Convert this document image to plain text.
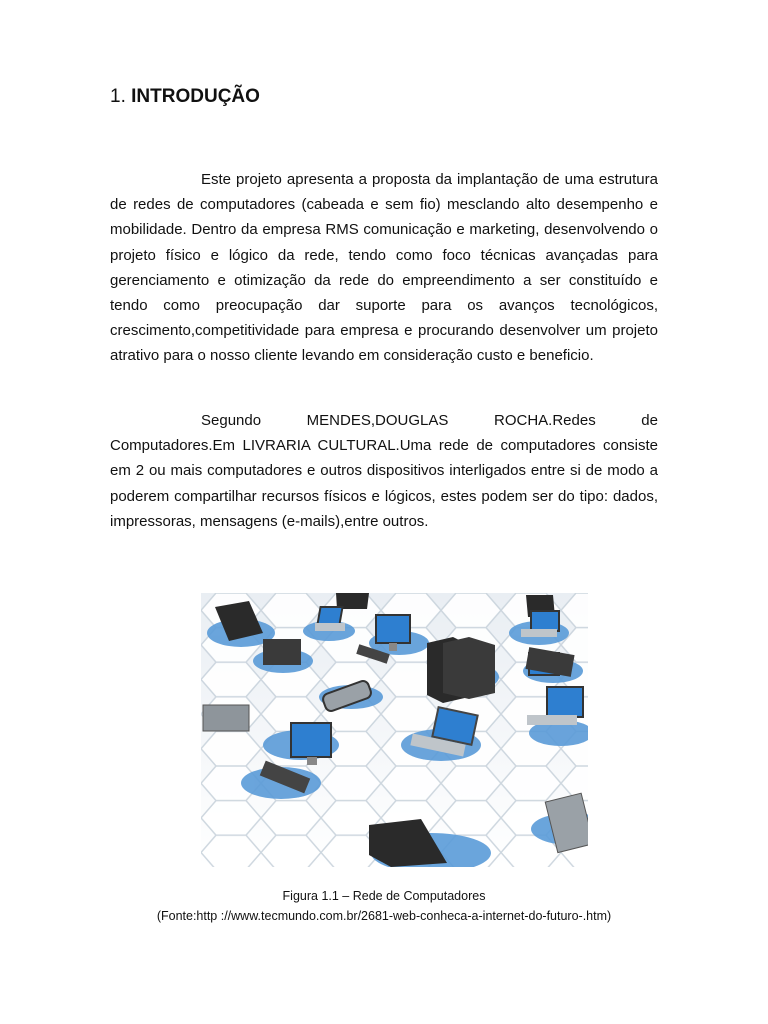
1. INTRODUÇÃO

Este projeto apresenta a proposta da implantação de uma estrutura de redes de computadores (cabeada e sem fio) mesclando alto desempenho e mobilidade. Dentro da empresa RMS comunicação e marketing, desenvolvendo o projeto físico e lógico da rede, tendo como foco técnicas avançadas para gerenciamento e otimização da rede do empreendimento a ser constituído e tendo como preocupação dar suporte para os avanços tecnológicos, crescimento,competitividade para empresa e procurando desenvolver um projeto atrativo para o nosso cliente levando em consideração custo e beneficio.

Segundo MENDES,DOUGLAS ROCHA.Redes de Computadores.Em LIVRARIA CULTURAL.Uma rede de computadores consiste em 2 ou mais computadores e outros dispositivos interligados entre si de modo a poderem compartilhar recursos físicos e lógicos, estes podem ser do tipo: dados, impressoras, mensagens (e-mails),entre outros.

Figura 1.1 – Rede de Computadores

(Fonte:http ://www.tecmundo.com.br/2681-web-conheca-a-internet-do-futuro-.htm)
